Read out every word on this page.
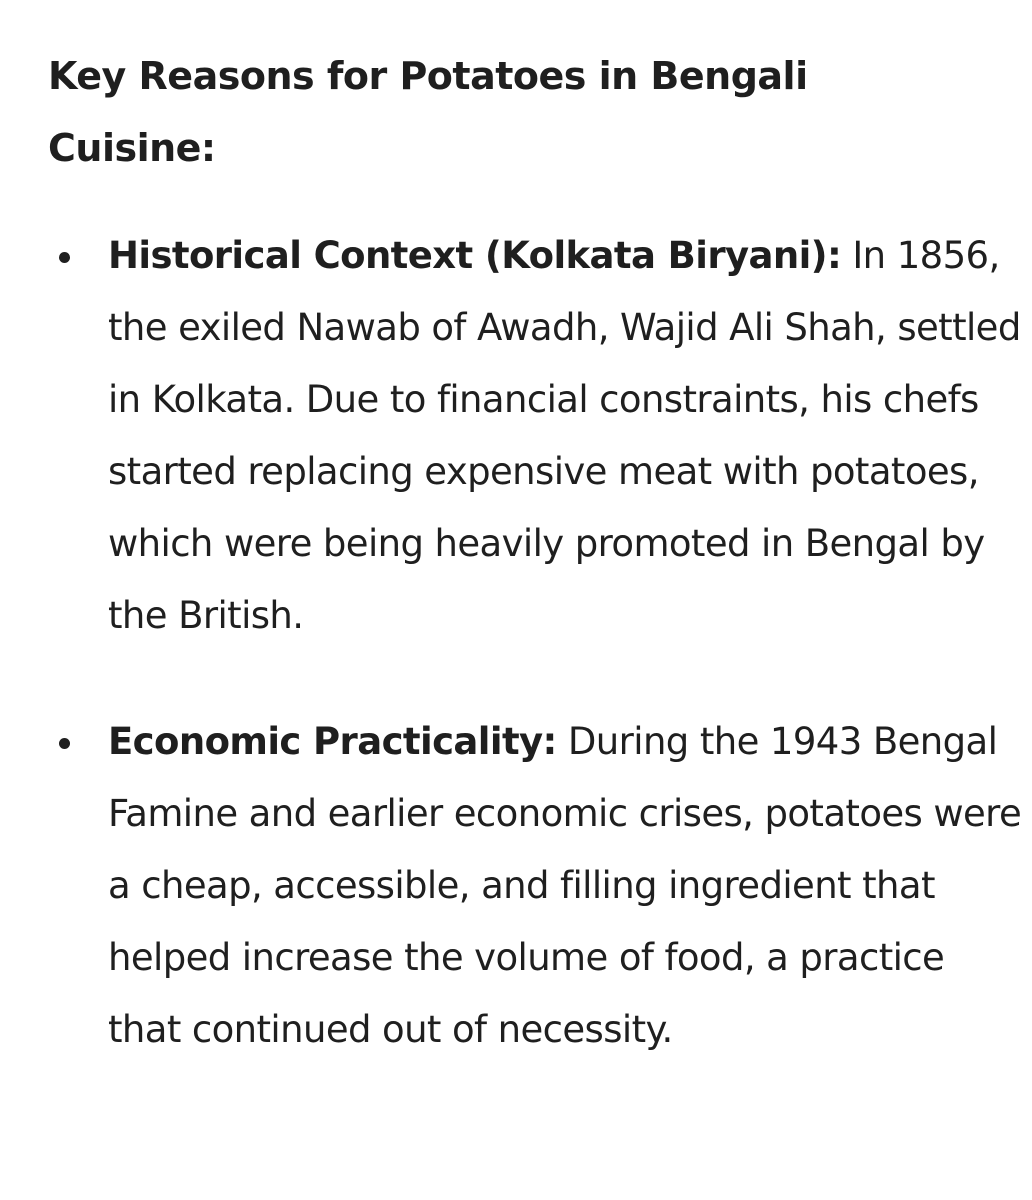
Key Reasons for Potatoes in Bengali Cuisine:
Historical Context (Kolkata Biryani): In 1856, the exiled Nawab of Awadh, Wajid Ali Shah, settled in Kolkata. Due to financial constraints, his chefs started replacing expensive meat with potatoes, which were being heavily promoted in Bengal by the British.
Economic Practicality: During the 1943 Bengal Famine and earlier economic crises, potatoes were a cheap, accessible, and filling ingredient that helped increase the volume of food, a practice that continued out of necessity.
